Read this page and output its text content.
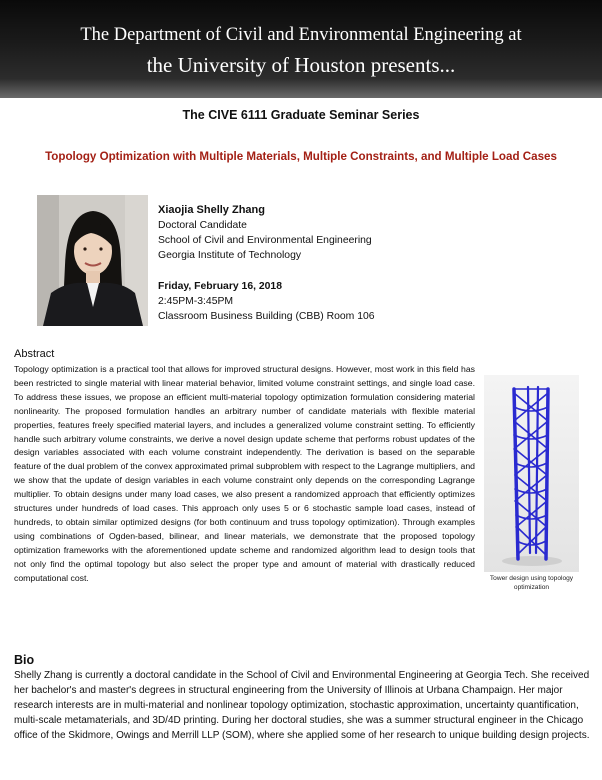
The Department of Civil and Environmental Engineering at
the University of Houston presents...
The CIVE 6111 Graduate Seminar Series
Topology Optimization with Multiple Materials, Multiple Constraints, and Multiple Load Cases
Xiaojia Shelly Zhang
Doctoral Candidate
School of Civil and Environmental Engineering
Georgia Institute of Technology
Friday, February 16, 2018
2:45PM-3:45PM
Classroom Business Building (CBB) Room 106
Abstract
Topology optimization is a practical tool that allows for improved structural designs. However, most work in this field has been restricted to single material with linear material behavior, limited volume constraint settings, and single load case. To address these issues, we propose an efficient multi-material topology optimization formulation considering material nonlinearity. The proposed formulation handles an arbitrary number of candidate materials with flexible material properties, features freely specified material layers, and includes a generalized volume constraint setting. To efficiently handle such arbitrary volume constraints, we derive a novel design update scheme that performs robust updates of the design variables associated with each volume constraint independently. The derivation is based on the separable feature of the dual problem of the convex approximated primal subproblem with respect to the Lagrange multipliers, and we show that the update of design variables in each volume constraint only depends on the corresponding Lagrange multiplier. To obtain designs under many load cases, we also present a randomized approach that efficiently optimizes structures under hundreds of load cases. This approach only uses 5 or 6 stochastic sample load cases, instead of hundreds, to obtain similar optimized designs (for both continuum and truss topology optimization). Through examples using combinations of Ogden-based, bilinear, and linear materials, we demonstrate that the proposed topology optimization frameworks with the aforementioned update scheme and randomized algorithm lead to design tools that not only find the optimal topology but also select the proper type and amount of material with drastically reduced computational cost.	Tower design using topology optimization
Bio
Shelly Zhang is currently a doctoral candidate in the School of Civil and Environmental Engineering at Georgia Tech. She received her bachelor's and master's degrees in structural engineering from the University of Illinois at Urbana Champaign. Her major research interests are in multi-material and nonlinear topology optimization, stochastic approximation, uncertainty quantification, multi-scale metamaterials, and 3D/4D printing. During her doctoral studies, she was a summer structural engineer in the Chicago office of the Skidmore, Owings and Merrill LLP (SOM), where she applied some of her research to unique building design projects.
